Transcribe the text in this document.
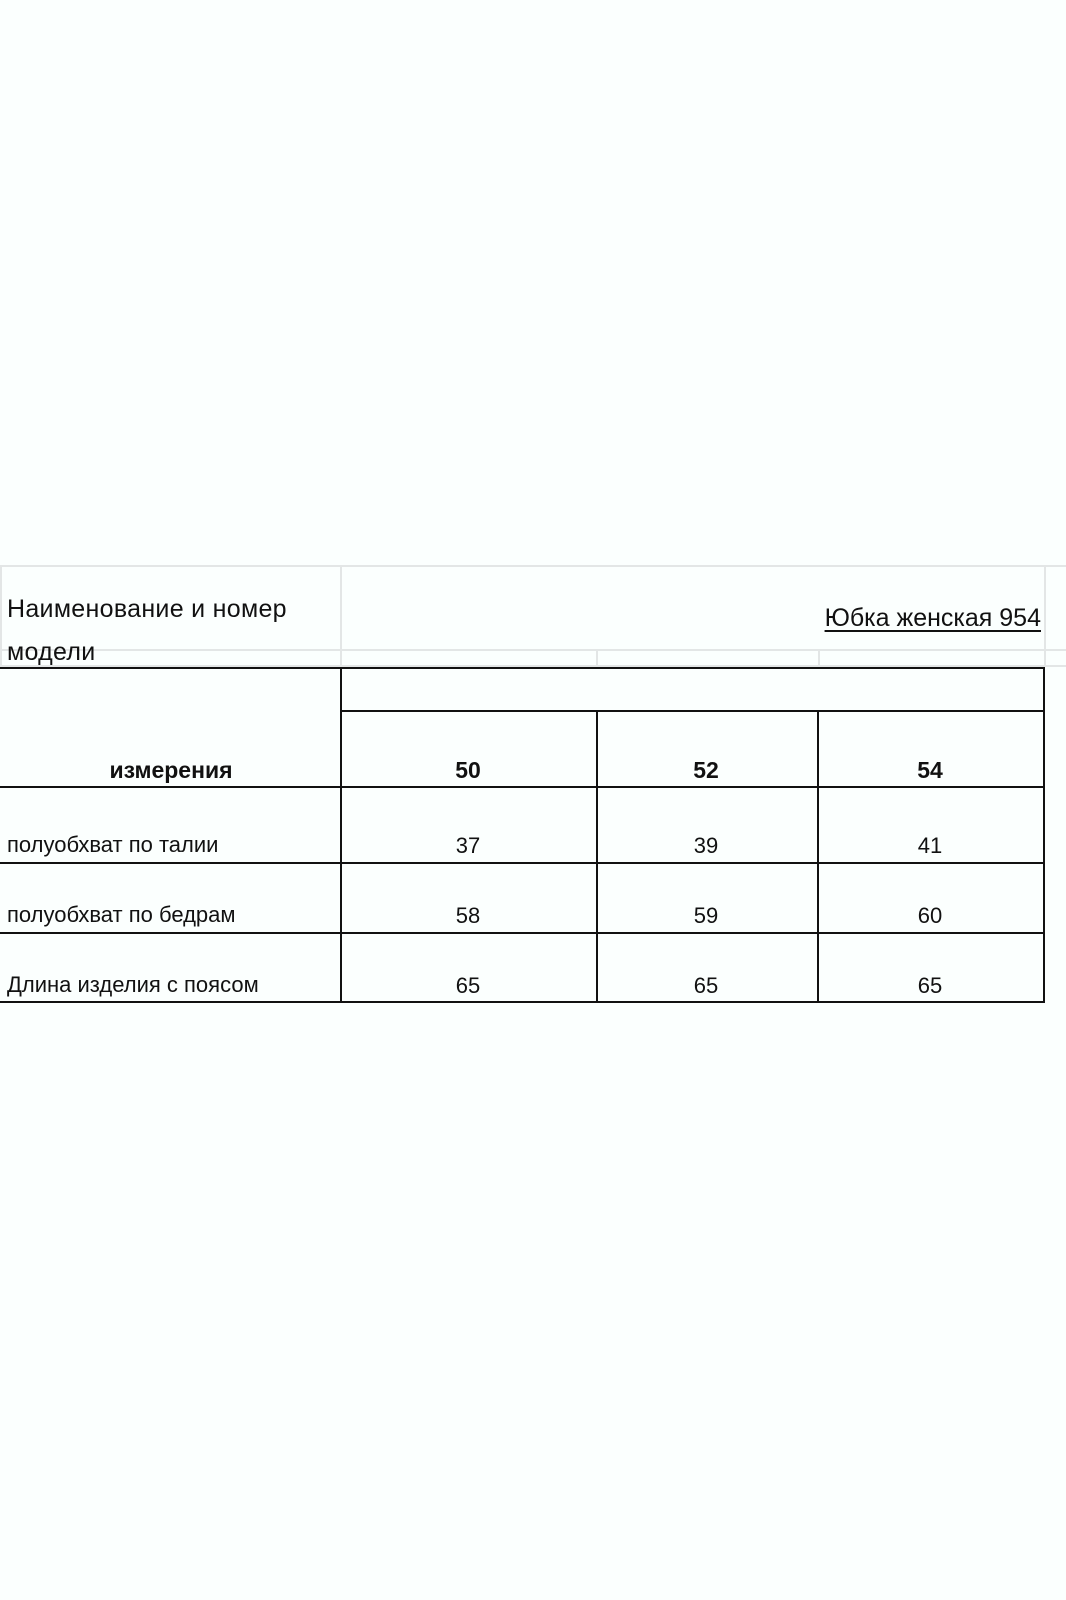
Наименование и номер модели
Юбка женская 954
измерения	50	52	54
полуобхват по талии	37	39	41
полуобхват по бедрам	58	59	60
Длина изделия с поясом	65	65	65
